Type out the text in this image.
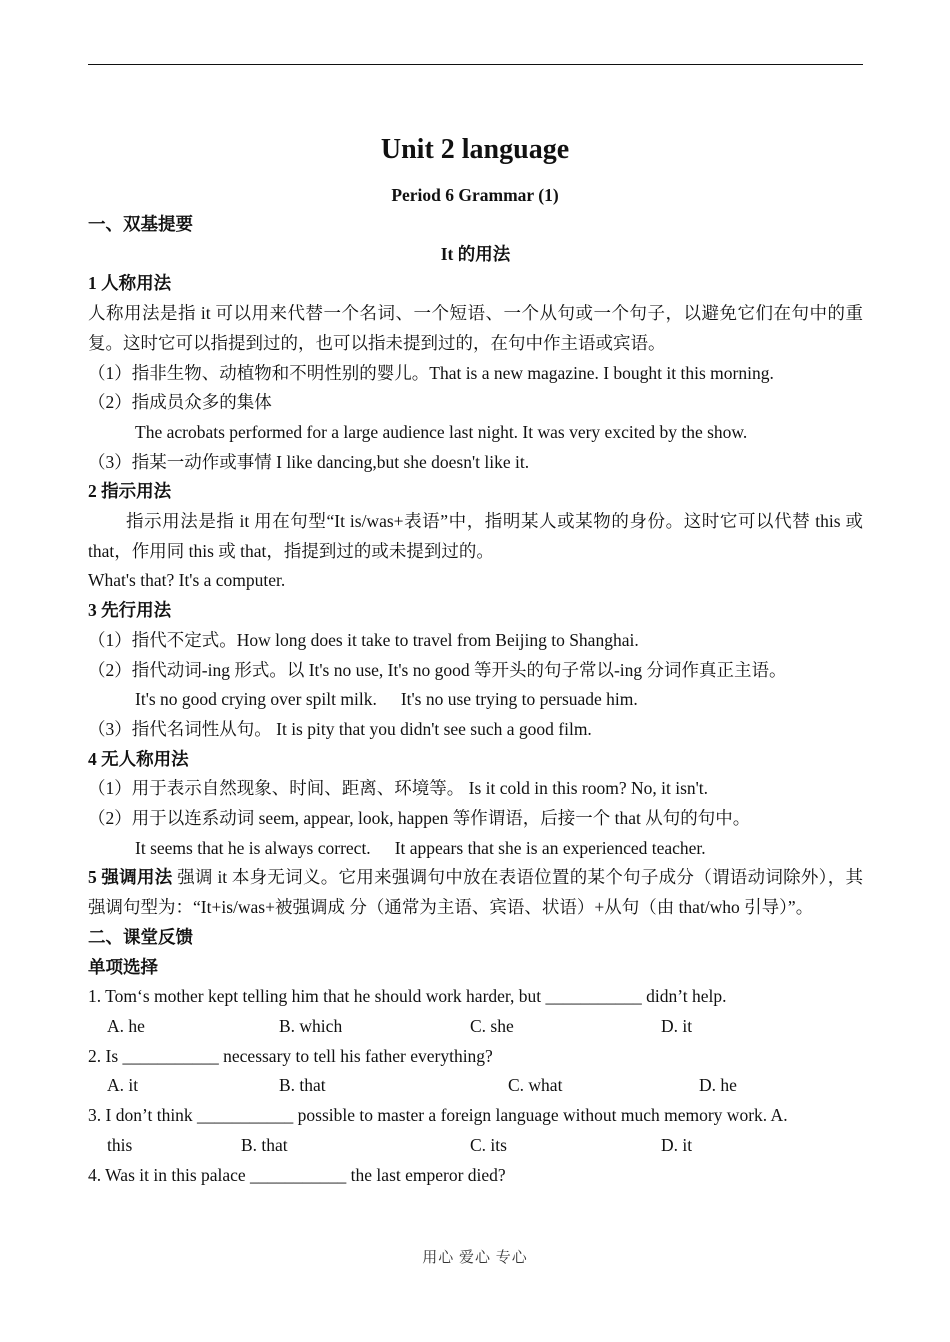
Unit 2 language
Period 6 Grammar (1)
一、双基提要
It 的用法
1 人称用法
人称用法是指 it 可以用来代替一个名词、一个短语、一个从句或一个句子，以避免它们在句中的重复。这时它可以指提到过的，也可以指未提到过的，在句中作主语或宾语。
（1）指非生物、动植物和不明性别的婴儿。That is a new magazine. I bought it this morning.
（2）指成员众多的集体
The acrobats performed for a large audience last night. It was very excited by the show.
（3）指某一动作或事情 I like dancing,but she doesn't like it.
2 指示用法
指示用法是指 it 用在句型“It is/was+表语”中，指明某人或某物的身份。这时它可以代替 this 或 that，作用同 this 或 that，指提到过的或未提到过的。
What's that? It's a computer.
3 先行用法
（1）指代不定式。How long does it take to travel from Beijing to Shanghai.
（2）指代动词-ing 形式。以 It's no use, It's no good 等开头的句子常以-ing 分词作真正主语。
It's no good crying over spilt milk. It's no use trying to persuade him.
（3）指代名词性从句。 It is pity that you didn't see such a good film.
4 无人称用法
（1）用于表示自然现象、时间、距离、环境等。 Is it cold in this room? No, it isn't.
（2）用于以连系动词 seem, appear, look, happen 等作谓语，后接一个 that 从句的句中。
It seems that he is always correct. It appears that she is an experienced teacher.
5 强调用法 强调 it 本身无词义。它用来强调句中放在表语位置的某个句子成分（谓语动词除外），其强调句型为：“It+is/was+被强调成 分（通常为主语、宾语、状语）+从句（由 that/who 引导）”。
二、课堂反馈
单项选择
1. Tom‘s mother kept telling him that he should work harder, but ___________ didn’t help.
A. he	B. which	C. she	D. it
2. Is ___________ necessary to tell his father everything?
A. it	B. that	C. what	D. he
3. I don’t think ___________ possible to master a foreign language without much memory work. A.
this	B. that	C. its	D. it
4. Was it in this palace ___________ the last emperor died?
用心 爱心 专心
